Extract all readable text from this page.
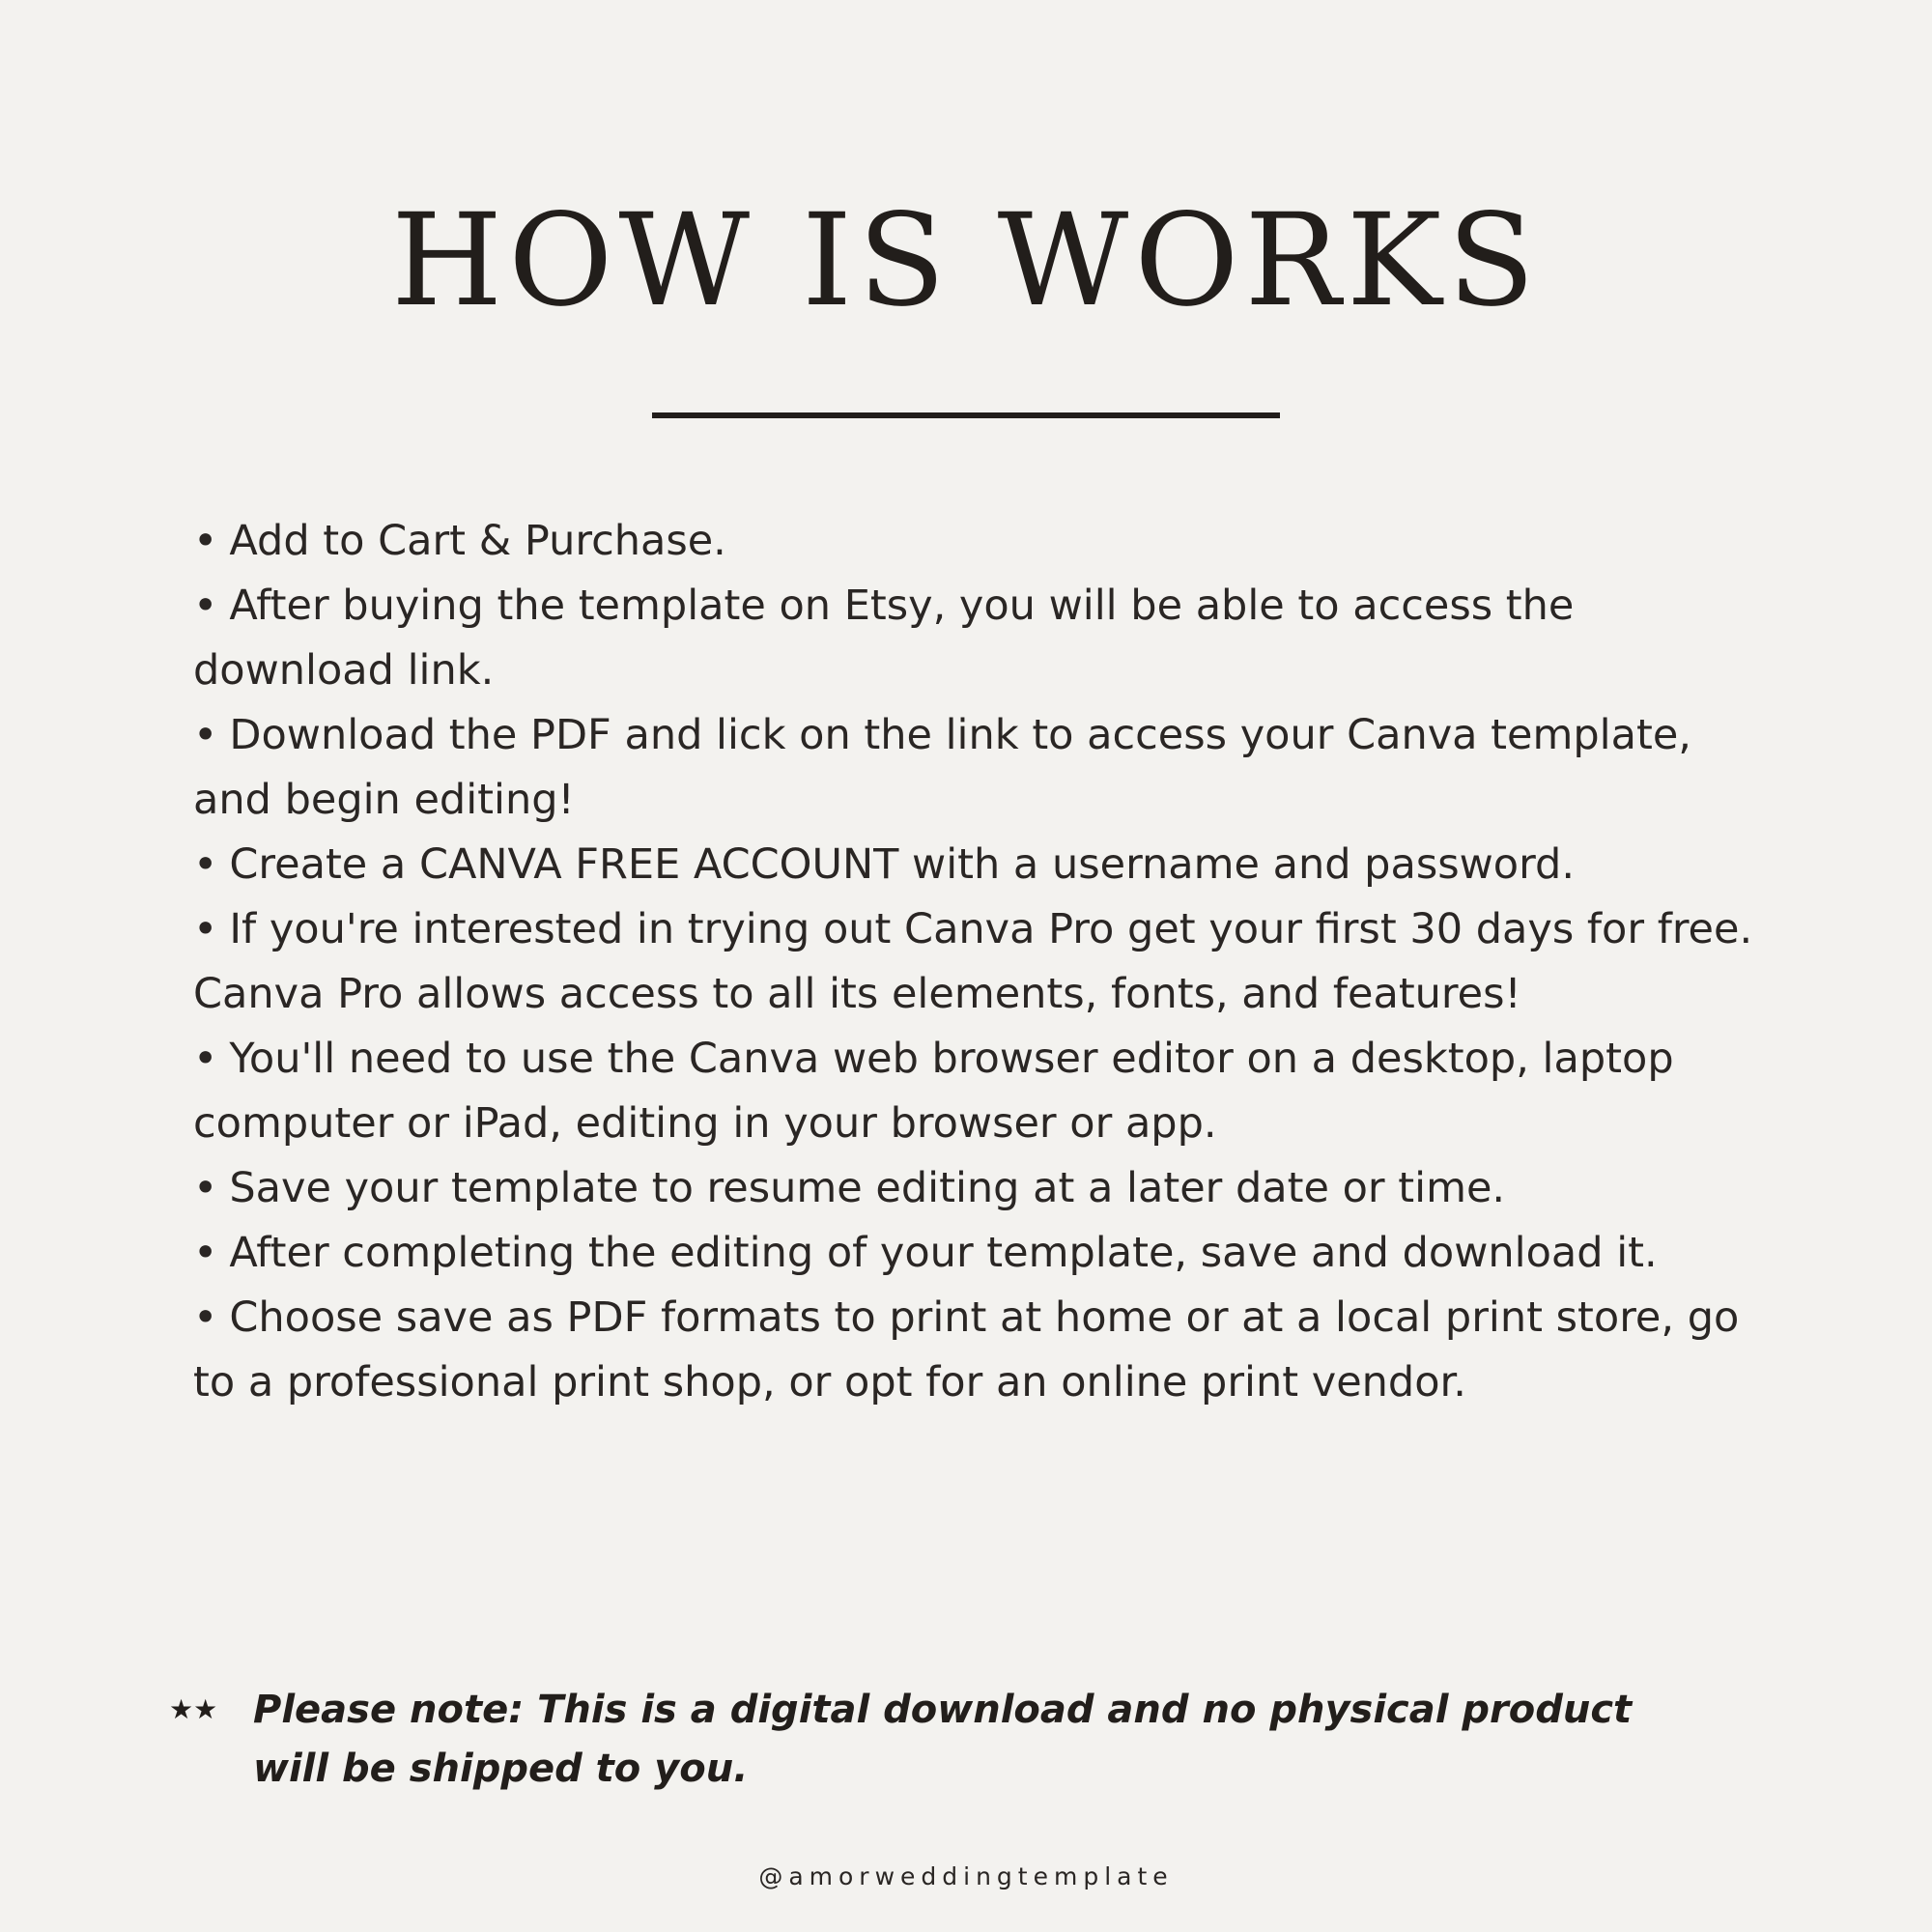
HOW IS WORKS
• Add to Cart & Purchase.
• After buying the template on Etsy, you will be able to access the download link.
• Download the PDF and lick on the link to access your Canva template, and begin editing!
• Create a CANVA FREE ACCOUNT with a username and password.
• If you're interested in trying out Canva Pro get your first 30 days for free. Canva Pro allows access to all its elements, fonts, and features!
• You'll need to use the Canva web browser editor on a desktop, laptop computer or iPad, editing in your browser or app.
• Save your template to resume editing at a later date or time.
• After completing the editing of your template, save and download it.
• Choose save as PDF formats to print at home or at a local print store, go to a professional print shop, or opt for an online print vendor.
★★ Please note: This is a digital download and no physical product will be shipped to you.
@amorweddingtemplate
